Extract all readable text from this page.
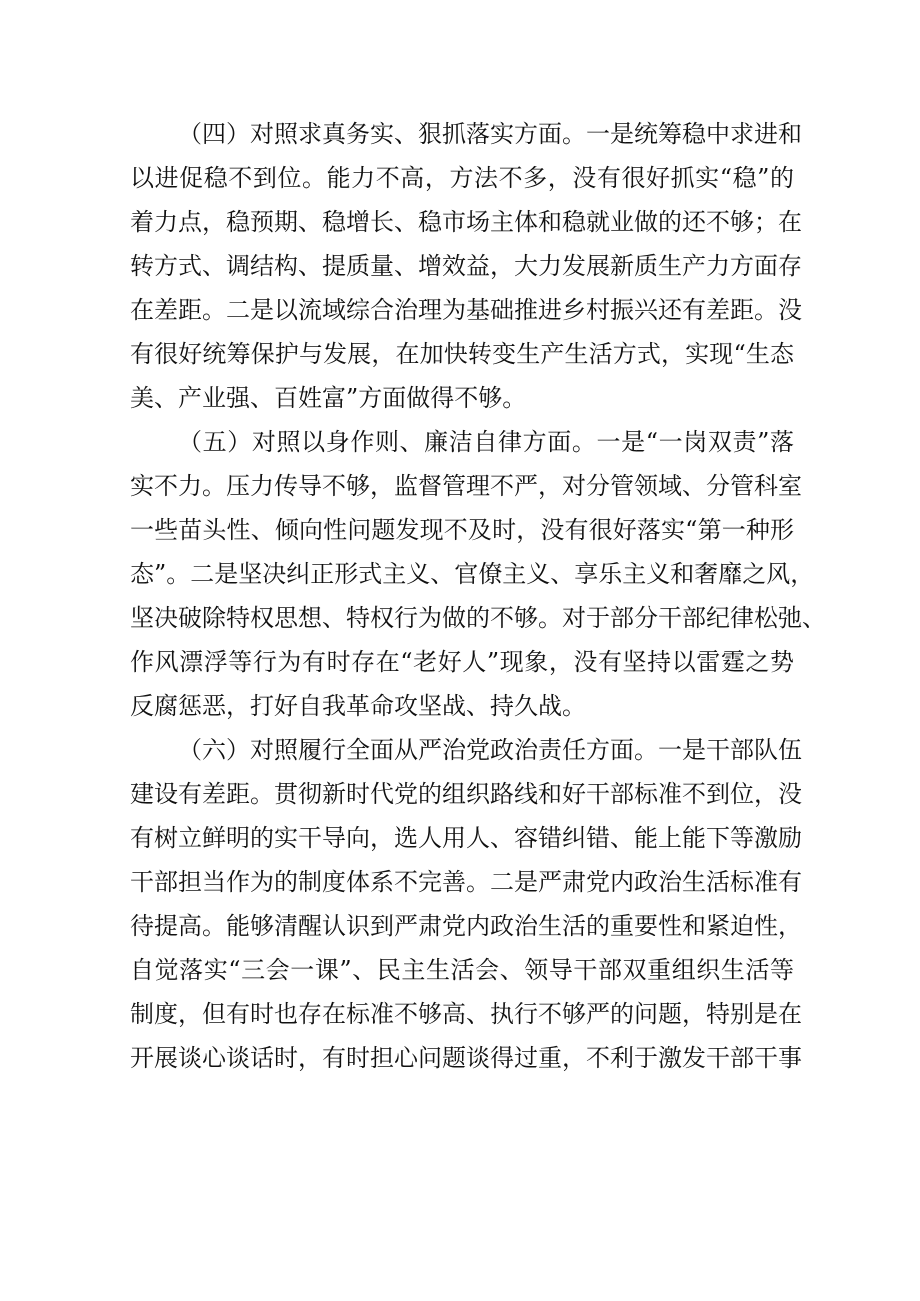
（四）对照求真务实、狠抓落实方面。一是统筹稳中求进和
以进促稳不到位。能力不高，方法不多，没有很好抓实“稳”的
着力点，稳预期、稳增长、稳市场主体和稳就业做的还不够；在
转方式、调结构、提质量、增效益，大力发展新质生产力方面存
在差距。二是以流域综合治理为基础推进乡村振兴还有差距。没
有很好统筹保护与发展，在加快转变生产生活方式，实现“生态
美、产业强、百姓富”方面做得不够。
（五）对照以身作则、廉洁自律方面。一是“一岗双责”落
实不力。压力传导不够，监督管理不严，对分管领域、分管科室
一些苗头性、倾向性问题发现不及时，没有很好落实“第一种形
态”。二是坚决纠正形式主义、官僚主义、享乐主义和奢靡之风，
坚决破除特权思想、特权行为做的不够。对于部分干部纪律松弛、
作风漂浮等行为有时存在“老好人”现象，没有坚持以雷霆之势
反腐惩恶，打好自我革命攻坚战、持久战。
（六）对照履行全面从严治党政治责任方面。一是干部队伍
建设有差距。贯彻新时代党的组织路线和好干部标准不到位，没
有树立鲜明的实干导向，选人用人、容错纠错、能上能下等激励
干部担当作为的制度体系不完善。二是严肃党内政治生活标准有
待提高。能够清醒认识到严肃党内政治生活的重要性和紧迫性，
自觉落实“三会一课”、民主生活会、领导干部双重组织生活等
制度，但有时也存在标准不够高、执行不够严的问题，特别是在
开展谈心谈话时，有时担心问题谈得过重，不利于激发干部干事
